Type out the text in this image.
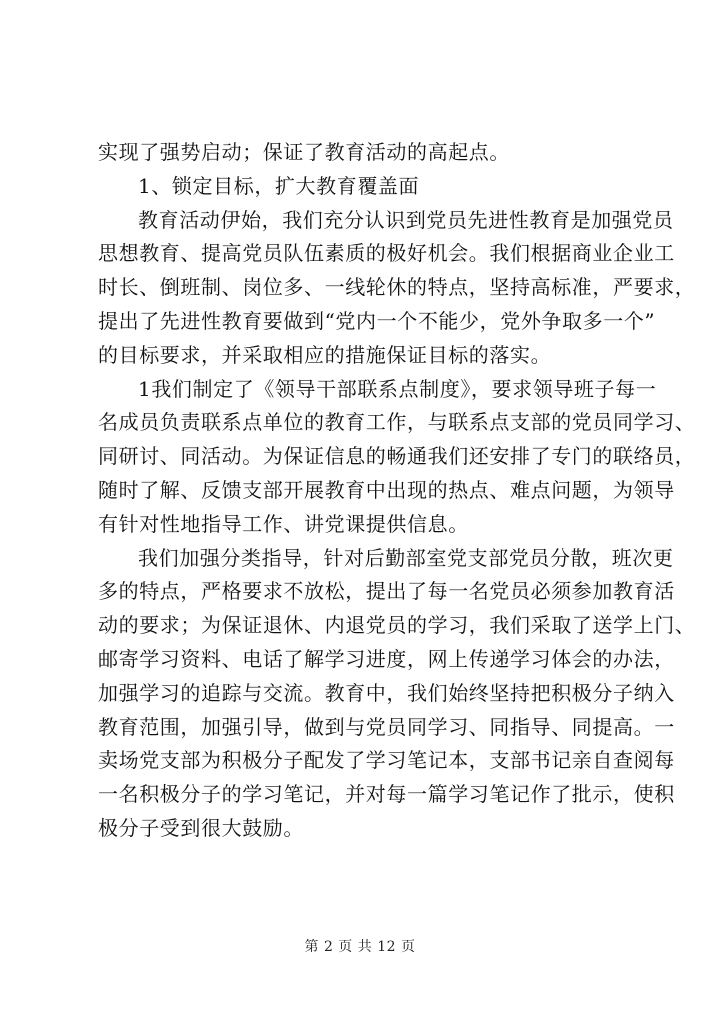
实现了强势启动；保证了教育活动的高起点。
1、锁定目标，扩大教育覆盖面
教育活动伊始，我们充分认识到党员先进性教育是加强党员
思想教育、提高党员队伍素质的极好机会。我们根据商业企业工
时长、倒班制、岗位多、一线轮休的特点，坚持高标准，严要求，
提出了先进性教育要做到“党内一个不能少，党外争取多一个”
的目标要求，并采取相应的措施保证目标的落实。
1我们制定了《领导干部联系点制度》，要求领导班子每一
名成员负责联系点单位的教育工作，与联系点支部的党员同学习、
同研讨、同活动。为保证信息的畅通我们还安排了专门的联络员，
随时了解、反馈支部开展教育中出现的热点、难点问题，为领导
有针对性地指导工作、讲党课提供信息。
我们加强分类指导，针对后勤部室党支部党员分散，班次更
多的特点，严格要求不放松，提出了每一名党员必须参加教育活
动的要求；为保证退休、内退党员的学习，我们采取了送学上门、
邮寄学习资料、电话了解学习进度，网上传递学习体会的办法，
加强学习的追踪与交流。教育中，我们始终坚持把积极分子纳入
教育范围，加强引导，做到与党员同学习、同指导、同提高。一
卖场党支部为积极分子配发了学习笔记本，支部书记亲自查阅每
一名积极分子的学习笔记，并对每一篇学习笔记作了批示，使积
极分子受到很大鼓励。
第 2 页 共 12 页
